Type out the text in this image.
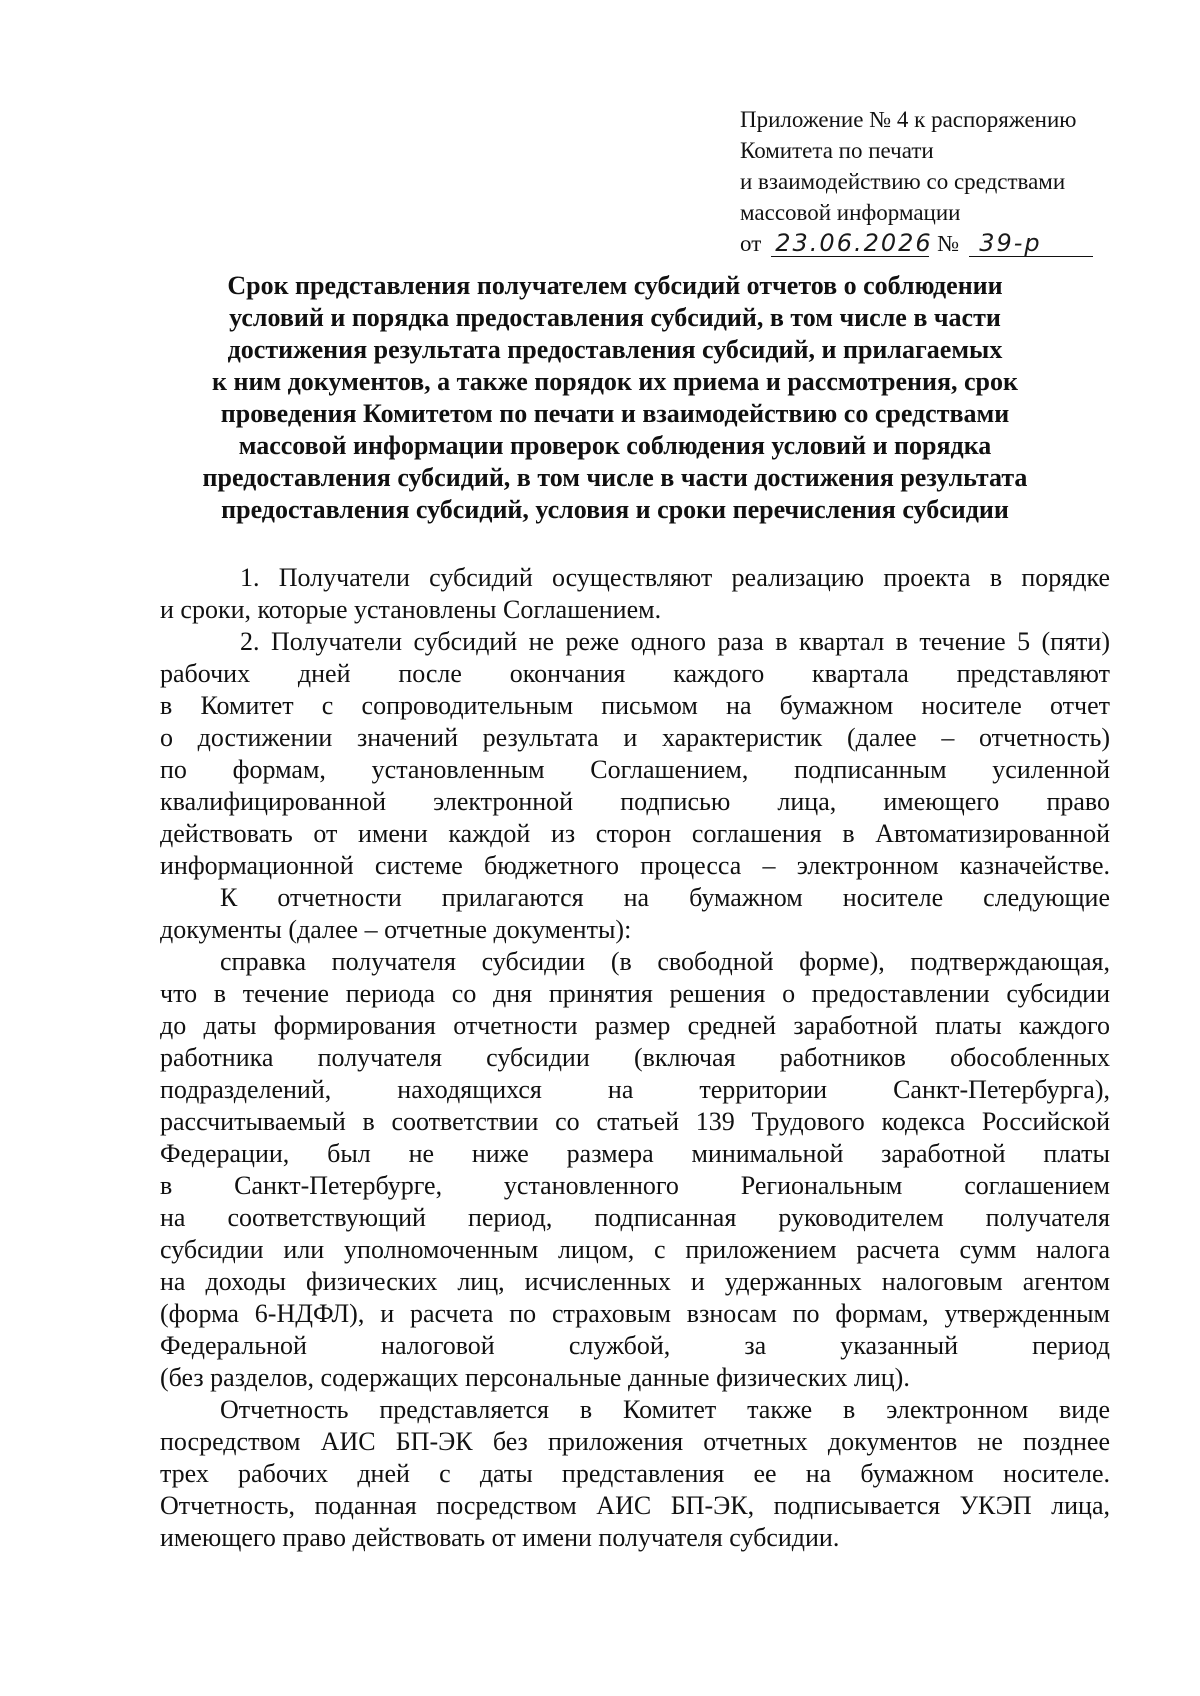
Приложение № 4 к распоряжению
Комитета по печати
и взаимодействию со средствами
массовой информации
от 23.06.2026 № 39-р
Срок представления получателем субсидий отчетов о соблюдении
условий и порядка предоставления субсидий, в том числе в части
достижения результата предоставления субсидий, и прилагаемых
к ним документов, а также порядок их приема и рассмотрения, срок
проведения Комитетом по печати и взаимодействию со средствами
массовой информации проверок соблюдения условий и порядка
предоставления субсидий, в том числе в части достижения результата
предоставления субсидий, условия и сроки перечисления субсидии
1. Получатели субсидий осуществляют реализацию проекта в порядке
и сроки, которые установлены Соглашением.
2. Получатели субсидий не реже одного раза в квартал в течение 5 (пяти)
рабочих дней после окончания каждого квартала представляют
в Комитет с сопроводительным письмом на бумажном носителе отчет
о достижении значений результата и характеристик (далее – отчетность)
по формам, установленным Соглашением, подписанным усиленной
квалифицированной электронной подписью лица, имеющего право
действовать от имени каждой из сторон соглашения в Автоматизированной
информационной системе бюджетного процесса – электронном казначействе.
К отчетности прилагаются на бумажном носителе следующие
документы (далее – отчетные документы):
справка получателя субсидии (в свободной форме), подтверждающая,
что в течение периода со дня принятия решения о предоставлении субсидии
до даты формирования отчетности размер средней заработной платы каждого
работника получателя субсидии (включая работников обособленных
подразделений, находящихся на территории Санкт-Петербурга),
рассчитываемый в соответствии со статьей 139 Трудового кодекса Российской
Федерации, был не ниже размера минимальной заработной платы
в Санкт-Петербурге, установленного Региональным соглашением
на соответствующий период, подписанная руководителем получателя
субсидии или уполномоченным лицом, с приложением расчета сумм налога
на доходы физических лиц, исчисленных и удержанных налоговым агентом
(форма 6-НДФЛ), и расчета по страховым взносам по формам, утвержденным
Федеральной налоговой службой, за указанный период
(без разделов, содержащих персональные данные физических лиц).
Отчетность представляется в Комитет также в электронном виде
посредством АИС БП-ЭК без приложения отчетных документов не позднее
трех рабочих дней с даты представления ее на бумажном носителе.
Отчетность, поданная посредством АИС БП-ЭК, подписывается УКЭП лица,
имеющего право действовать от имени получателя субсидии.
